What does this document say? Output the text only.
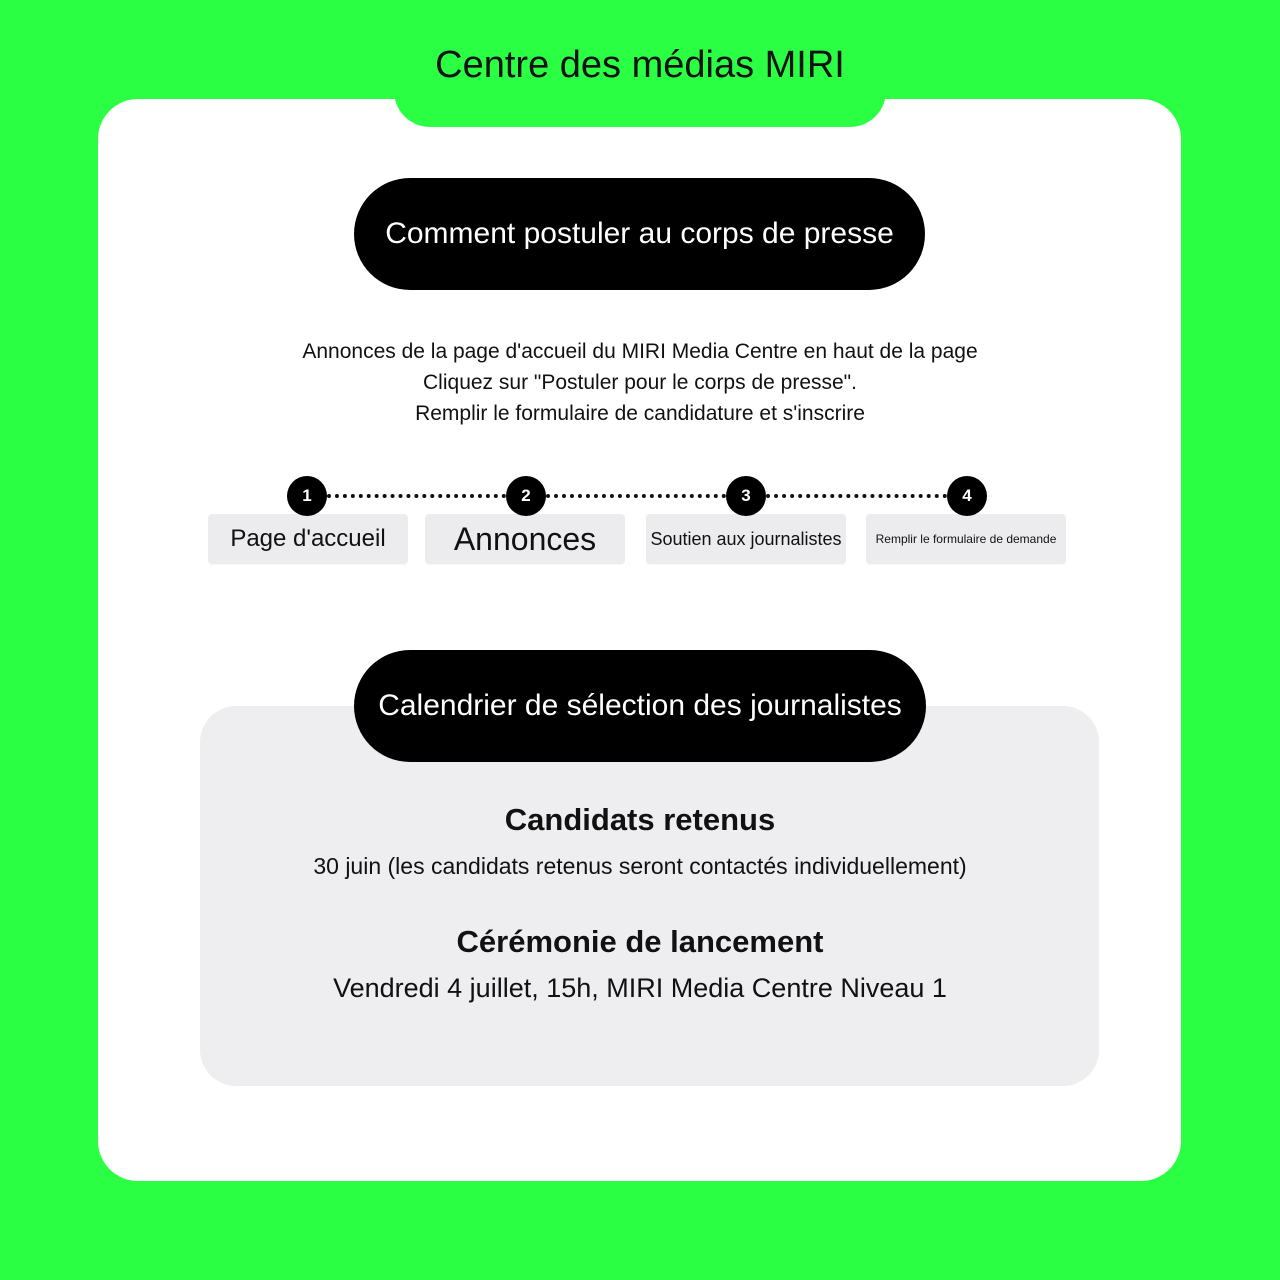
Centre des médias MIRI
Comment postuler au corps de presse
Annonces de la page d'accueil du MIRI Media Centre en haut de la page
Cliquez sur "Postuler pour le corps de presse".
Remplir le formulaire de candidature et s'inscrire
1	2	3	4
Page d'accueil	Annonces	Soutien aux journalistes	Remplir le formulaire de demande
Calendrier de sélection des journalistes
Candidats retenus
30 juin (les candidats retenus seront contactés individuellement)
Cérémonie de lancement
Vendredi 4 juillet, 15h, MIRI Media Centre Niveau 1
